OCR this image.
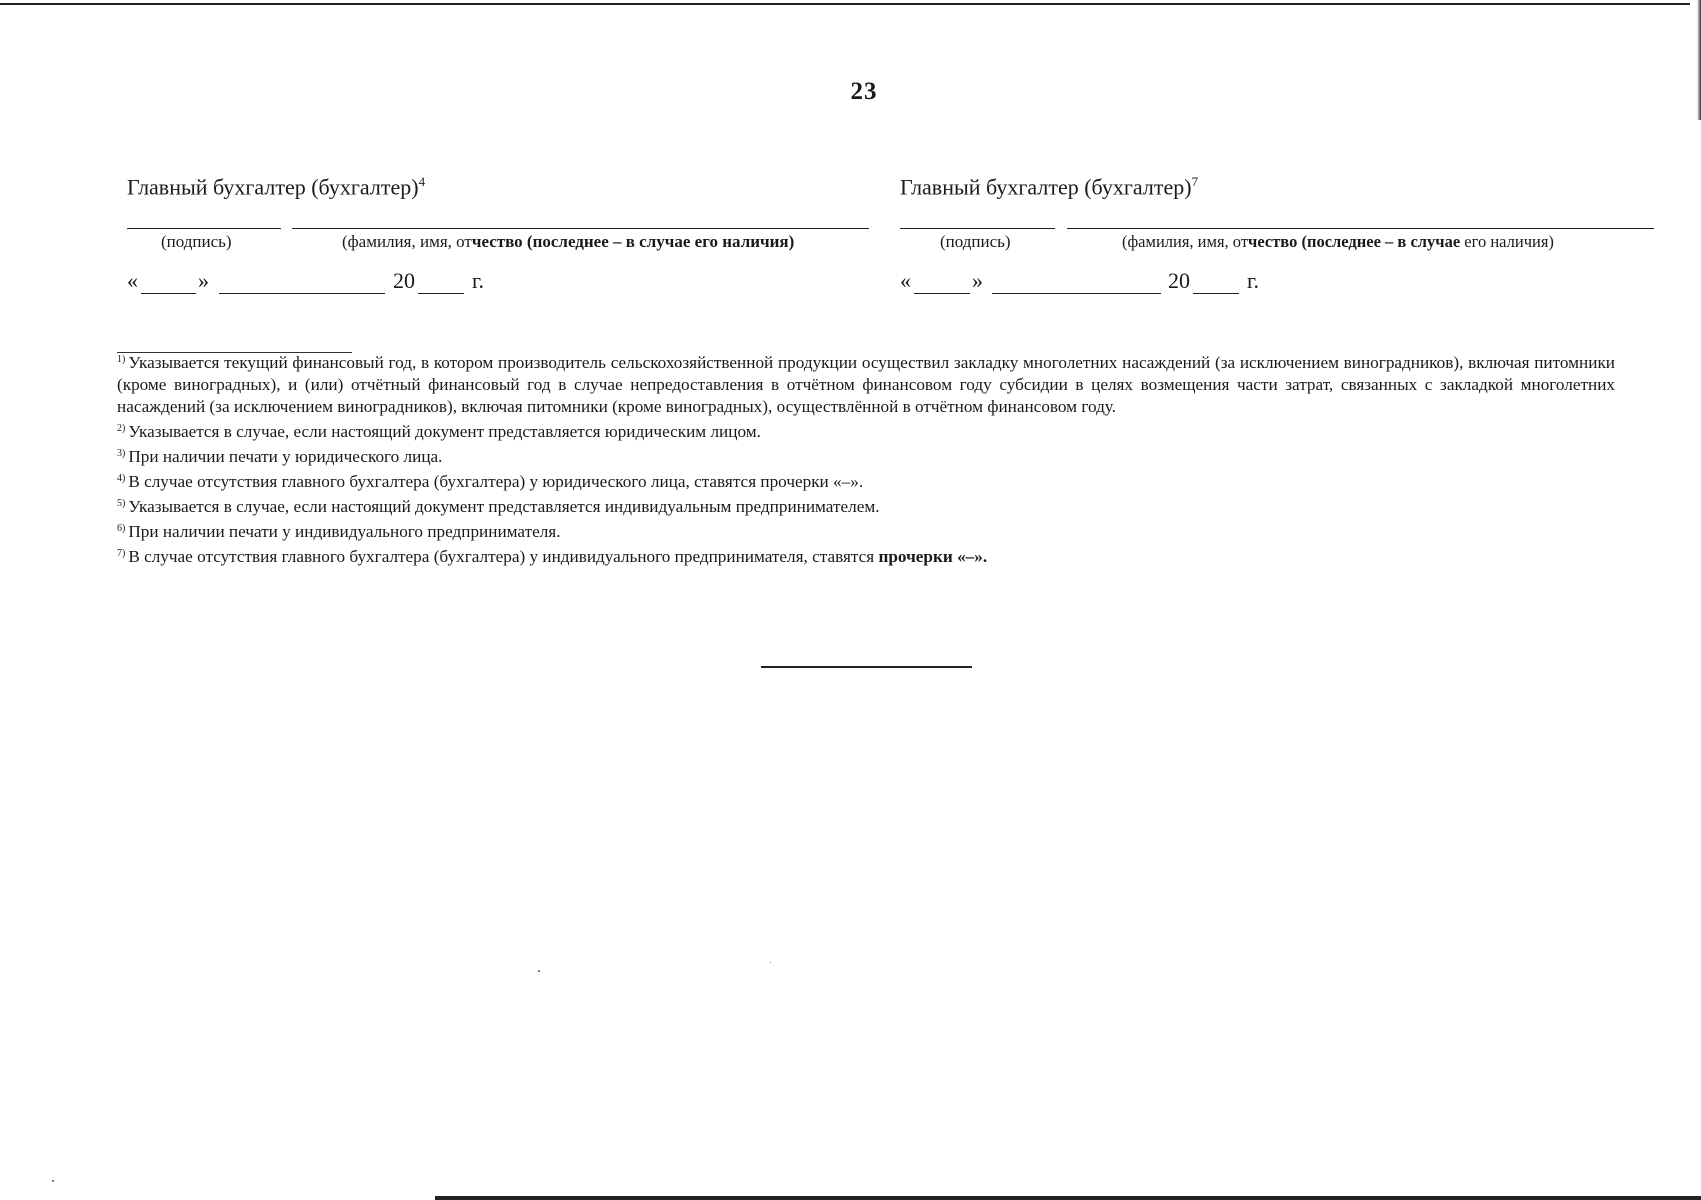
23
Главный бухгалтер (бухгалтер)$^4$
(подпись)	(фамилия, имя, отчество (последнее – в случае его наличия)
«	»	20	г.
Главный бухгалтер (бухгалтер)$^7$
(подпись)	(фамилия, имя, отчество (последнее – в случае его наличия)
«	»	20	г.

$^{1)}$ Указывается текущий финансовый год, в котором производитель сельскохозяйственной продукции осуществил закладку многолетних насаждений (за исключением виноградников), включая питомники (кроме виноградных), и (или) отчётный финансовый год в случае непредоставления в отчётном финансовом году субсидии в целях возмещения части затрат, связанных с закладкой многолетних насаждений (за исключением виноградников), включая питомники (кроме виноградных), осуществлённой в отчётном финансовом году.

$^{2)}$ Указывается в случае, если настоящий документ представляется юридическим лицом.

$^{3)}$ При наличии печати у юридического лица.

$^{4)}$ В случае отсутствия главного бухгалтера (бухгалтера) у юридического лица, ставятся прочерки «–».

$^{5)}$ Указывается в случае, если настоящий документ представляется индивидуальным предпринимателем.

$^{6)}$ При наличии печати у индивидуального предпринимателя.

$^{7)}$ В случае отсутствия главного бухгалтера (бухгалтера) у индивидуального предпринимателя, ставятся прочерки «–».
